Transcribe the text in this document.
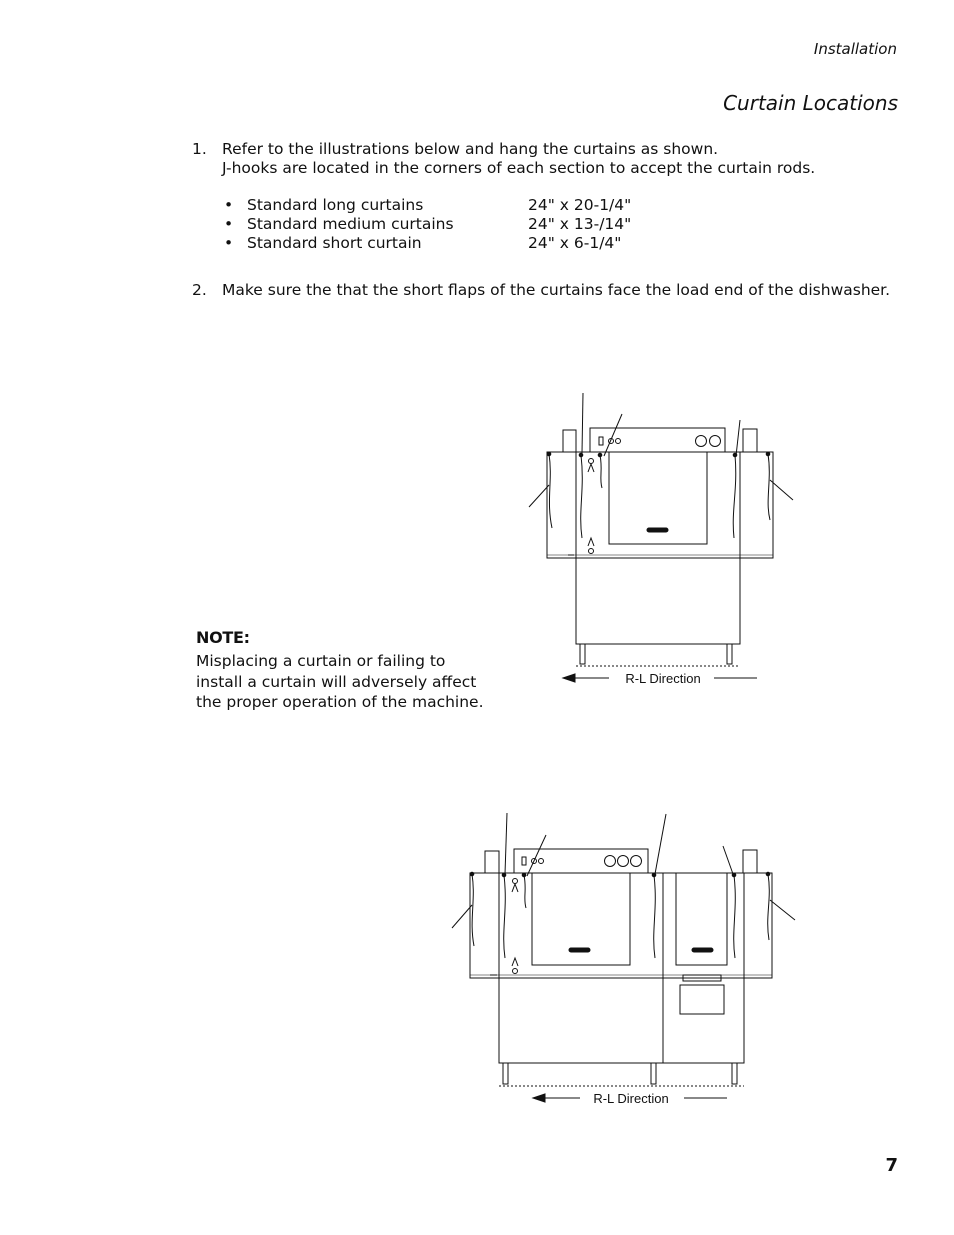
Installation
Curtain Locations
1. Refer to the illustrations below and hang the curtains as shown.
J-hooks are located in the corners of each section to accept the curtain rods.
• Standard long curtains	24" x 20-1/4"
• Standard medium curtains	24" x 13-/14"
• Standard short curtain	24" x 6-1/4"
2. Make sure the that the short flaps of the curtains face the load end of the dishwasher.
NOTE:
Misplacing a curtain or failing to
install a curtain will adversely affect
the proper operation of the machine.
R-L Direction
R-L Direction
7
